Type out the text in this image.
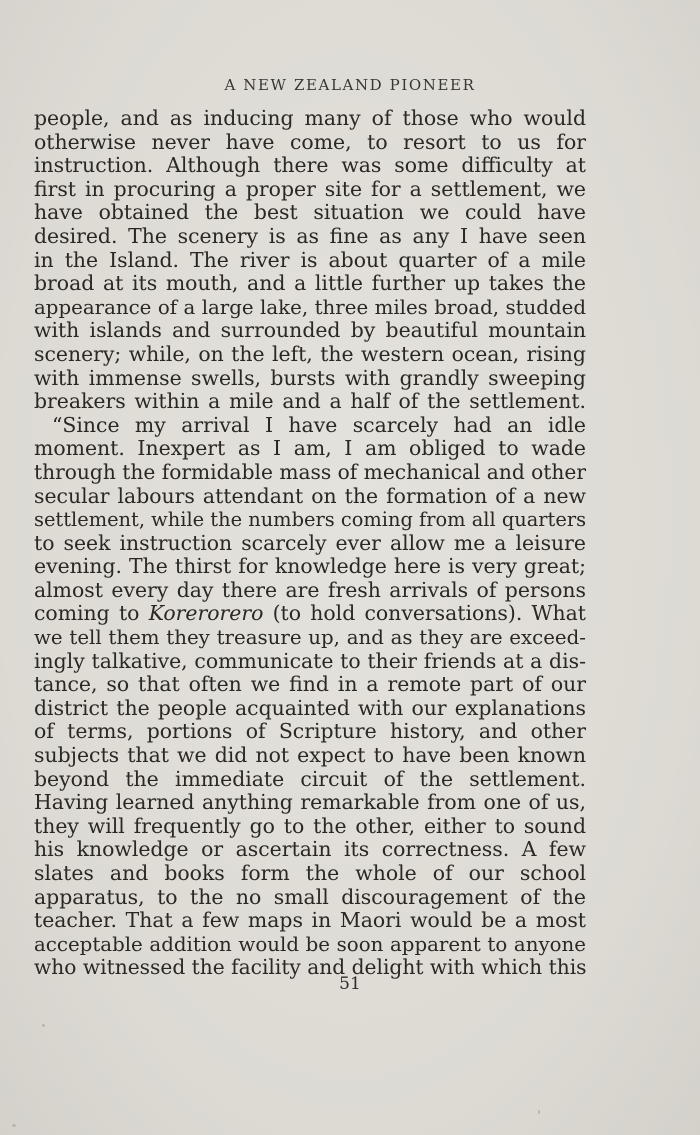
A NEW ZEALAND PIONEER
people, and as inducing many of those who would
otherwise never have come, to resort to us for
instruction. Although there was some difficulty at
first in procuring a proper site for a settlement, we
have obtained the best situation we could have
desired. The scenery is as fine as any I have seen
in the Island. The river is about quarter of a mile
broad at its mouth, and a little further up takes the
appearance of a large lake, three miles broad, studded
with islands and surrounded by beautiful mountain
scenery; while, on the left, the western ocean, rising
with immense swells, bursts with grandly sweeping
breakers within a mile and a half of the settlement.
“Since my arrival I have scarcely had an idle
moment. Inexpert as I am, I am obliged to wade
through the formidable mass of mechanical and other
secular labours attendant on the formation of a new
settlement, while the numbers coming from all quarters
to seek instruction scarcely ever allow me a leisure
evening. The thirst for knowledge here is very great;
almost every day there are fresh arrivals of persons
coming to Korerorero (to hold conversations). What
we tell them they treasure up, and as they are exceed-
ingly talkative, communicate to their friends at a dis-
tance, so that often we find in a remote part of our
district the people acquainted with our explanations
of terms, portions of Scripture history, and other
subjects that we did not expect to have been known
beyond the immediate circuit of the settlement.
Having learned anything remarkable from one of us,
they will frequently go to the other, either to sound
his knowledge or ascertain its correctness. A few
slates and books form the whole of our school
apparatus, to the no small discouragement of the
teacher. That a few maps in Maori would be a most
acceptable addition would be soon apparent to anyone
who witnessed the facility and delight with which this
51
